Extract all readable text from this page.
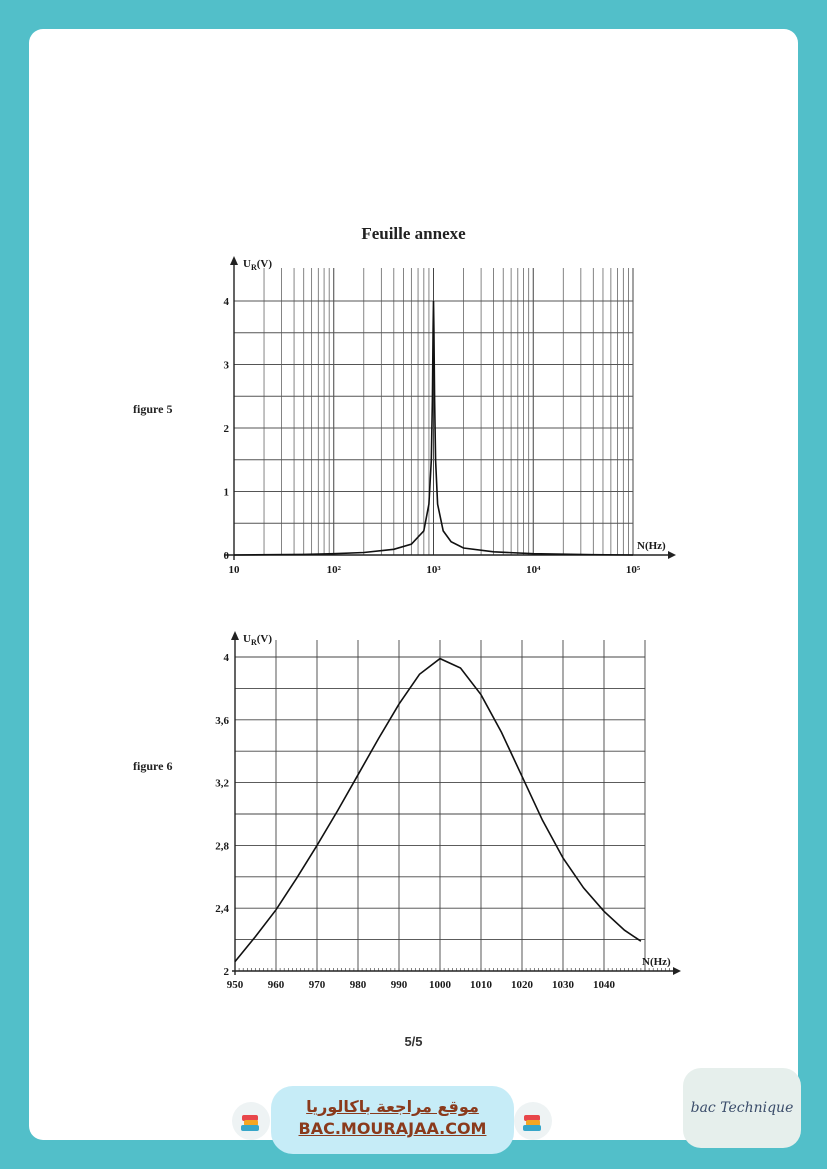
Feuille annexe
figure 5
figure 6
$U_R(V)$
N(Hz)
10	10²	10³	10⁴	10⁵
0
1
2
3
4
$U_R(V)$
N(Hz)
950 960 970 980 990 1000 1010 1020 1030 1040
2
2,4
2,8
3,2
3,6
4
5/5
موقع مراجعة باكالوريا
BAC.MOURAJAA.COM
bac Technique
